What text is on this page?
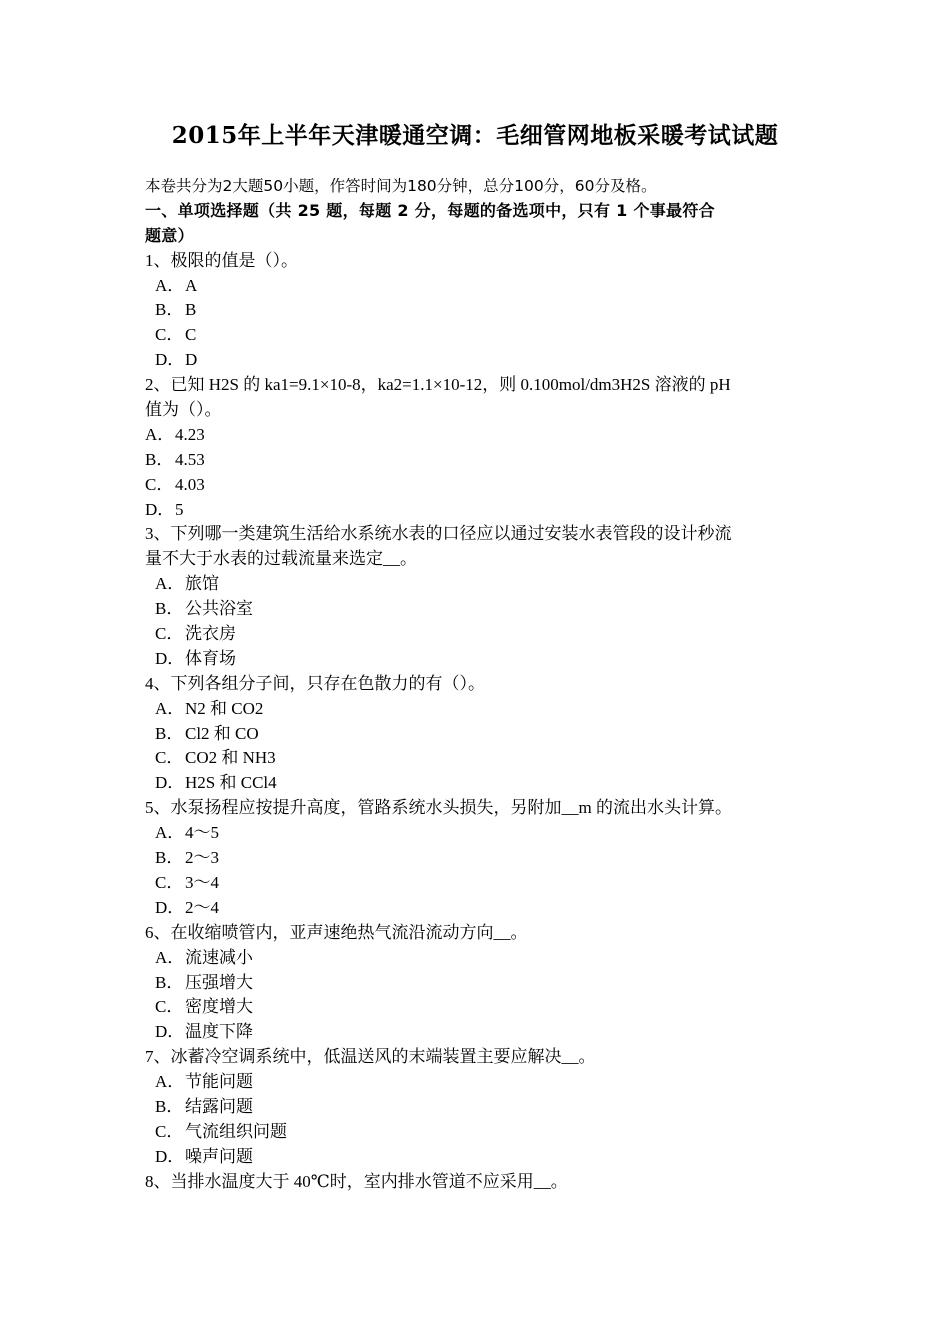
2015年上半年天津暖通空调：毛细管网地板采暖考试试题
本卷共分为2大题50小题，作答时间为180分钟，总分100分，60分及格。
一、单项选择题（共 25 题，每题 2 分，每题的备选项中，只有 1 个事最符合
题意）
1、极限的值是（）。
A．A
B．B
C．C
D．D
2、已知 H2S 的 ka1=9.1×10-8，ka2=1.1×10-12，则 0.100mol/dm3H2S 溶液的 pH
值为（）。
A．4.23
B．4.53
C．4.03
D．5
3、下列哪一类建筑生活给水系统水表的口径应以通过安装水表管段的设计秒流
量不大于水表的过载流量来选定__。
A．旅馆
B．公共浴室
C．洗衣房
D．体育场
4、下列各组分子间，只存在色散力的有（）。
A．N2 和 CO2
B．Cl2 和 CO
C．CO2 和 NH3
D．H2S 和 CCl4
5、水泵扬程应按提升高度，管路系统水头损失，另附加__m 的流出水头计算。
A．4～5
B．2～3
C．3～4
D．2～4
6、在收缩喷管内，亚声速绝热气流沿流动方向__。
A．流速减小
B．压强增大
C．密度增大
D．温度下降
7、冰蓄冷空调系统中，低温送风的末端装置主要应解决__。
A．节能问题
B．结露问题
C．气流组织问题
D．噪声问题
8、当排水温度大于 40℃时，室内排水管道不应采用__。
